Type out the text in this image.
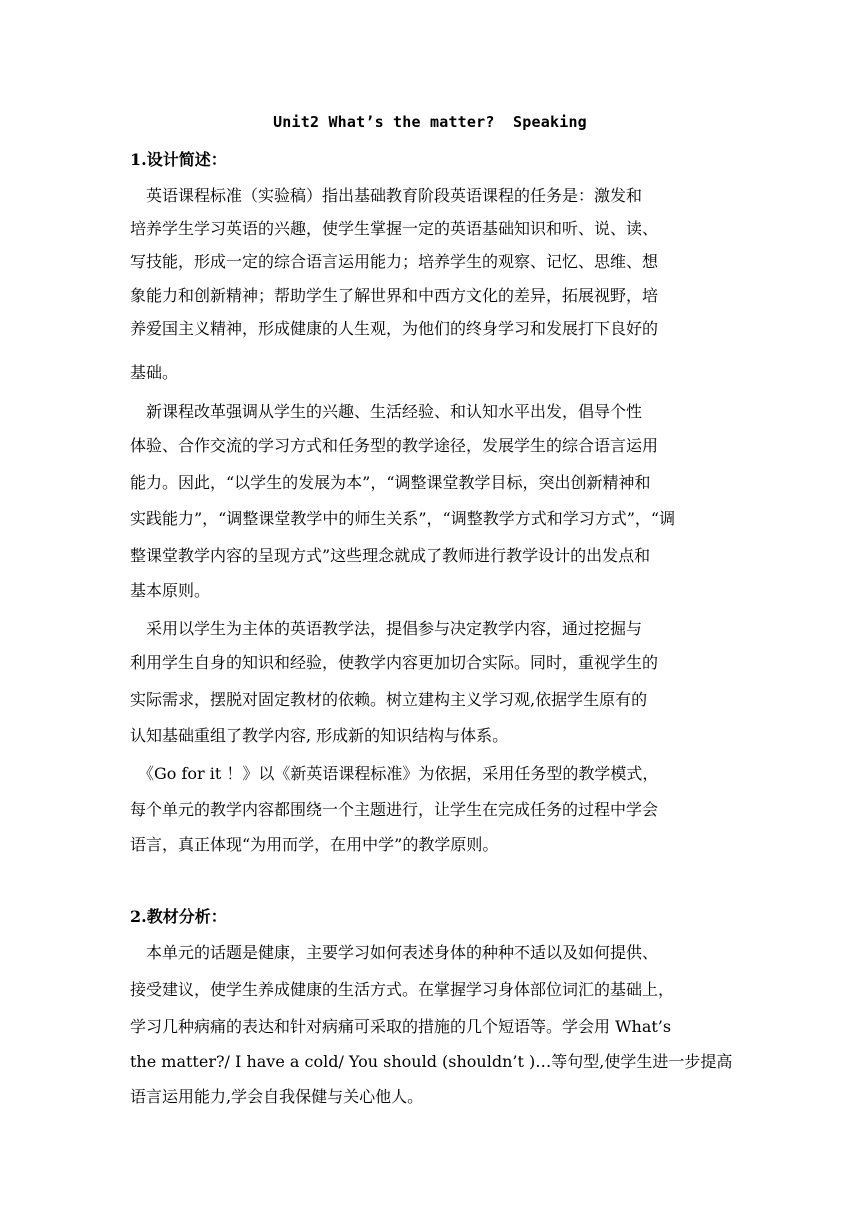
Unit2 What’s the matter?  Speaking
1.设计简述：
　英语课程标准（实验稿）指出基础教育阶段英语课程的任务是：激发和
培养学生学习英语的兴趣，使学生掌握一定的英语基础知识和听、说、读、
写技能，形成一定的综合语言运用能力；培养学生的观察、记忆、思维、想
象能力和创新精神；帮助学生了解世界和中西方文化的差异，拓展视野，培
养爱国主义精神，形成健康的人生观，为他们的终身学习和发展打下良好的
基础。
　新课程改革强调从学生的兴趣、生活经验、和认知水平出发，倡导个性
体验、合作交流的学习方式和任务型的教学途径，发展学生的综合语言运用
能力。因此，“以学生的发展为本”，“调整课堂教学目标，突出创新精神和
实践能力”，“调整课堂教学中的师生关系”，“调整教学方式和学习方式”，“调
整课堂教学内容的呈现方式”这些理念就成了教师进行教学设计的出发点和
基本原则。
　采用以学生为主体的英语教学法，提倡参与决定教学内容，通过挖掘与
利用学生自身的知识和经验，使教学内容更加切合实际。同时，重视学生的
实际需求，摆脱对固定教材的依赖。树立建构主义学习观,依据学生原有的
认知基础重组了教学内容, 形成新的知识结构与体系。
　《Go for it ！》以《新英语课程标准》为依据，采用任务型的教学模式，
每个单元的教学内容都围绕一个主题进行，让学生在完成任务的过程中学会
语言，真正体现“为用而学，在用中学”的教学原则。
2.教材分析：
　本单元的话题是健康，主要学习如何表述身体的种种不适以及如何提供、
接受建议，使学生养成健康的生活方式。在掌握学习身体部位词汇的基础上，
学习几种病痛的表达和针对病痛可采取的措施的几个短语等。学会用 What’s
the matter?/ I have a cold/ You should (shouldn’t )…等句型,使学生进一步提高
语言运用能力,学会自我保健与关心他人。
